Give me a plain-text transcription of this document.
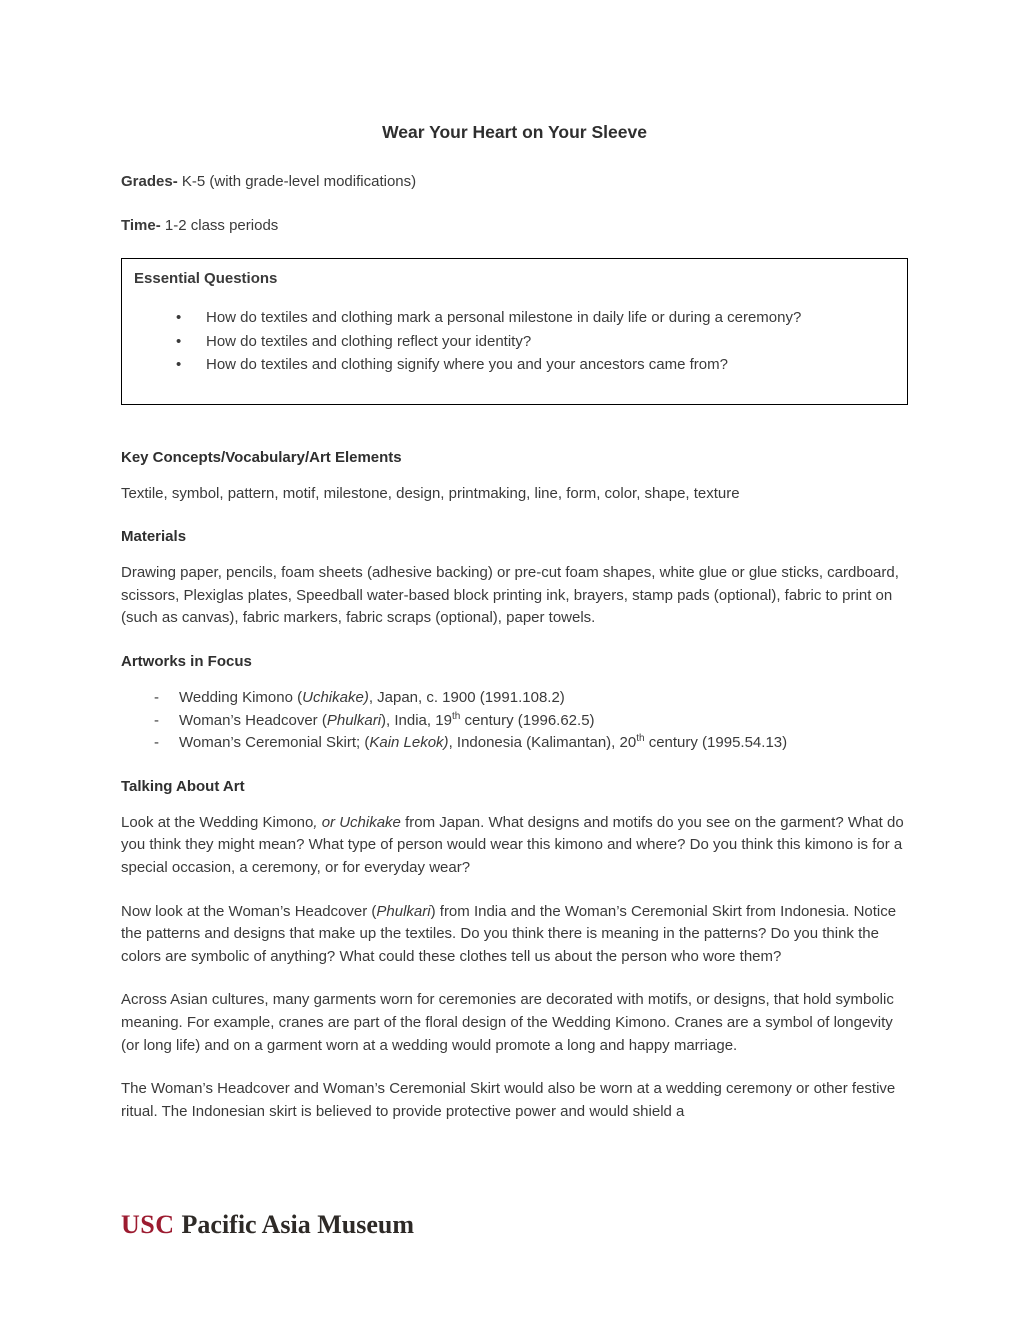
Wear Your Heart on Your Sleeve

Grades- K-5 (with grade-level modifications)

Time- 1-2 class periods

Essential Questions
• How do textiles and clothing mark a personal milestone in daily life or during a ceremony?
• How do textiles and clothing reflect your identity?
• How do textiles and clothing signify where you and your ancestors came from?
Key Concepts/Vocabulary/Art Elements

Textile, symbol, pattern, motif, milestone, design, printmaking, line, form, color, shape, texture

Materials

Drawing paper, pencils, foam sheets (adhesive backing) or pre-cut foam shapes, white glue or glue sticks, cardboard, scissors, Plexiglas plates, Speedball water-based block printing ink, brayers, stamp pads (optional), fabric to print on (such as canvas), fabric markers, fabric scraps (optional), paper towels.

Artworks in Focus
- Wedding Kimono (Uchikake), Japan, c. 1900 (1991.108.2)
- Woman’s Headcover (Phulkari), India, 19th century (1996.62.5)
- Woman’s Ceremonial Skirt; (Kain Lekok), Indonesia (Kalimantan), 20th century (1995.54.13)
Talking About Art

Look at the Wedding Kimono, or Uchikake from Japan. What designs and motifs do you see on the garment? What do you think they might mean? What type of person would wear this kimono and where? Do you think this kimono is for a special occasion, a ceremony, or for everyday wear?

Now look at the Woman’s Headcover (Phulkari) from India and the Woman’s Ceremonial Skirt from Indonesia. Notice the patterns and designs that make up the textiles. Do you think there is meaning in the patterns? Do you think the colors are symbolic of anything? What could these clothes tell us about the person who wore them?

Across Asian cultures, many garments worn for ceremonies are decorated with motifs, or designs, that hold symbolic meaning. For example, cranes are part of the floral design of the Wedding Kimono. Cranes are a symbol of longevity (or long life) and on a garment worn at a wedding would promote a long and happy marriage.

The Woman’s Headcover and Woman’s Ceremonial Skirt would also be worn at a wedding ceremony or other festive ritual. The Indonesian skirt is believed to provide protective power and would shield a

USC Pacific Asia Museum
